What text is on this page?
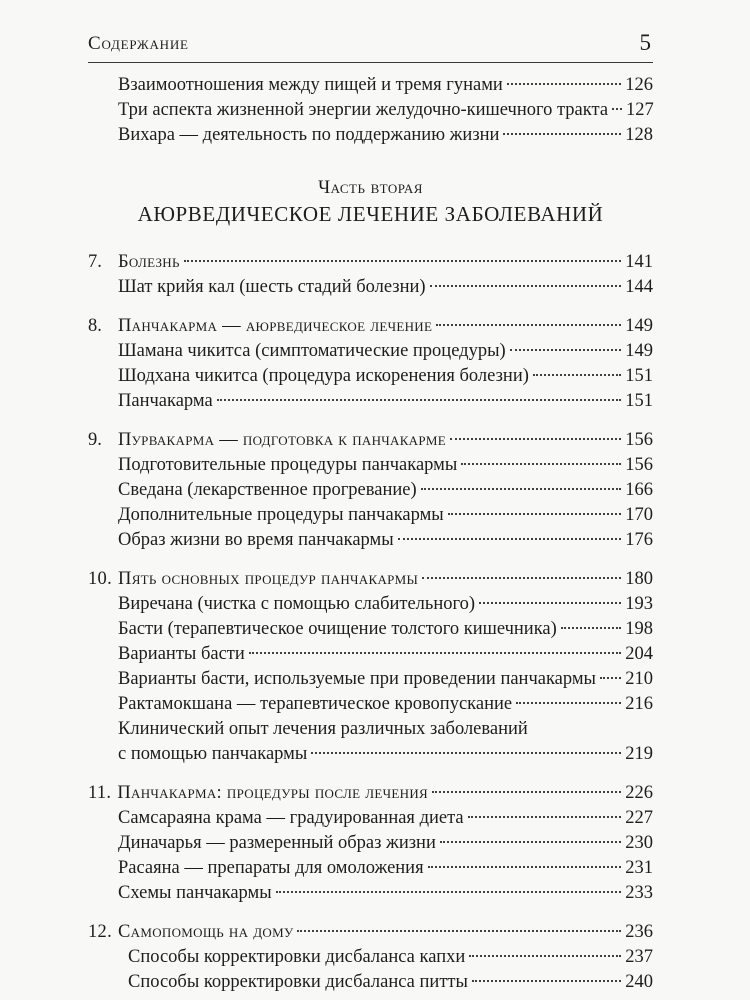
Содержание	5
Взаимоотношения между пищей и тремя гунами	126
Три аспекта жизненной энергии желудочно-кишечного тракта 127
Вихара — деятельность по поддержанию жизни	128
Часть вторая
АЮРВЕДИЧЕСКОЕ ЛЕЧЕНИЕ ЗАБОЛЕВАНИЙ
7. Болезнь	141
Шат крийя кал (шесть стадий болезни)	144
8. Панчакарма — аюрведическое лечение	149
Шамана чикитса (симптоматические процедуры)	149
Шодхана чикитса (процедура искоренения болезни)	151
Панчакарма	151
9. Пурвакарма — подготовка к панчакарме	156
Подготовительные процедуры панчакармы	156
Сведана (лекарственное прогревание)	166
Дополнительные процедуры панчакармы	170
Образ жизни во время панчакармы	176
10. Пять основных процедур панчакармы	180
Виречана (чистка с помощью слабительного)	193
Басти (терапевтическое очищение толстого кишечника)	198
Варианты басти	204
Варианты басти, используемые при проведении панчакармы 210
Рактамокшана — терапевтическое кровопускание	216
Клинический опыт лечения различных заболеваний
с помощью панчакармы	219
11. Панчакарма: процедуры после лечения	226
Самсараяна крама — градуированная диета	227
Диначарья — размеренный образ жизни	230
Расаяна — препараты для омоложения	231
Схемы панчакармы	233
12. Самопомощь на дому	236
Способы корректировки дисбаланса капхи	237
Способы корректировки дисбаланса питты	240
